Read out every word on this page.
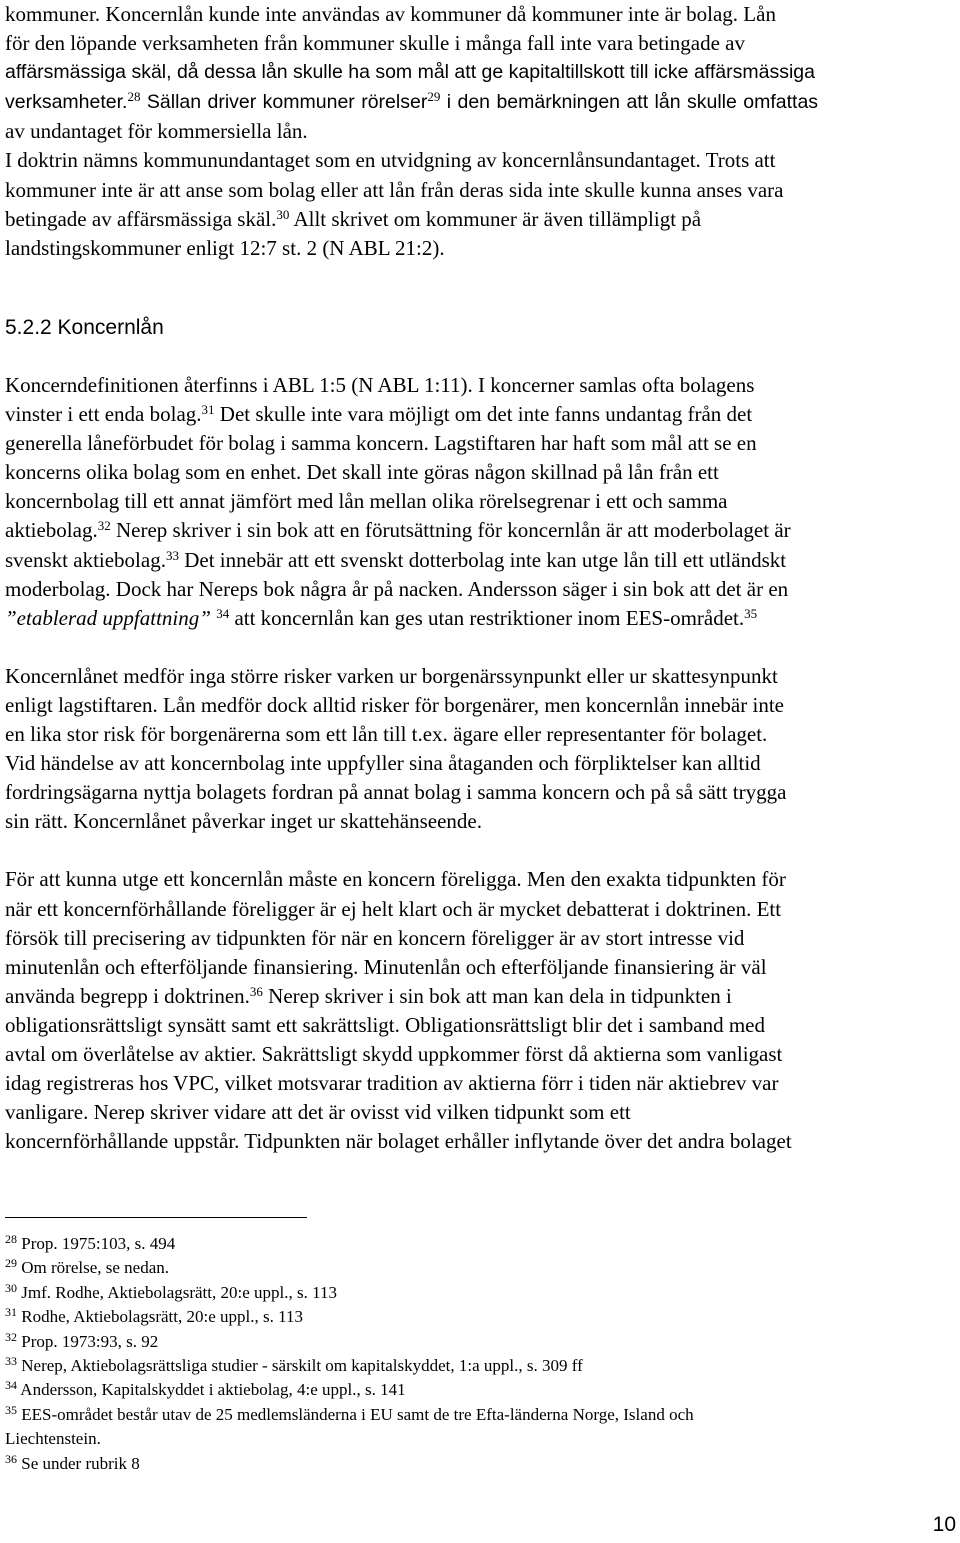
kommuner. Koncernlån kunde inte användas av kommuner då kommuner inte är bolag. Lån
för den löpande verksamheten från kommuner skulle i många fall inte vara betingade av
affärsmässiga skäl, då dessa lån skulle ha som mål att ge kapitaltillskott till icke affärsmässiga
verksamheter.$^{28}$ Sällan driver kommuner rörelser$^{29}$ i den bemärkningen att lån skulle omfattas
av undantaget för kommersiella lån.
I doktrin nämns kommunundantaget som en utvidgning av koncernlånsundantaget. Trots att
kommuner inte är att anse som bolag eller att lån från deras sida inte skulle kunna anses vara
betingade av affärsmässiga skäl.$^{30}$ Allt skrivet om kommuner är även tillämpligt på
landstingskommuner enligt 12:7 st. 2 (N ABL 21:2).
5.2.2 Koncernlån
Koncerndefinitionen återfinns i ABL 1:5 (N ABL 1:11). I koncerner samlas ofta bolagens
vinster i ett enda bolag.$^{31}$ Det skulle inte vara möjligt om det inte fanns undantag från det
generella låneförbudet för bolag i samma koncern. Lagstiftaren har haft som mål att se en
koncerns olika bolag som en enhet. Det skall inte göras någon skillnad på lån från ett
koncernbolag till ett annat jämfört med lån mellan olika rörelsegrenar i ett och samma
aktiebolag.$^{32}$ Nerep skriver i sin bok att en förutsättning för koncernlån är att moderbolaget är
svenskt aktiebolag.$^{33}$ Det innebär att ett svenskt dotterbolag inte kan utge lån till ett utländskt
moderbolag. Dock har Nereps bok några år på nacken. Andersson säger i sin bok att det är en
”etablerad uppfattning” $^{34}$ att koncernlån kan ges utan restriktioner inom EES-området.$^{35}$
Koncernlånet medför inga större risker varken ur borgenärssynpunkt eller ur skattesynpunkt
enligt lagstiftaren. Lån medför dock alltid risker för borgenärer, men koncernlån innebär inte
en lika stor risk för borgenärerna som ett lån till t.ex. ägare eller representanter för bolaget.
Vid händelse av att koncernbolag inte uppfyller sina åtaganden och förpliktelser kan alltid
fordringsägarna nyttja bolagets fordran på annat bolag i samma koncern och på så sätt trygga
sin rätt. Koncernlånet påverkar inget ur skattehänseende.
För att kunna utge ett koncernlån måste en koncern föreligga. Men den exakta tidpunkten för
när ett koncernförhållande föreligger är ej helt klart och är mycket debatterat i doktrinen. Ett
försök till precisering av tidpunkten för när en koncern föreligger är av stort intresse vid
minutenlån och efterföljande finansiering. Minutenlån och efterföljande finansiering är väl
använda begrepp i doktrinen.$^{36}$ Nerep skriver i sin bok att man kan dela in tidpunkten i
obligationsrättsligt synsätt samt ett sakrättsligt. Obligationsrättsligt blir det i samband med
avtal om överlåtelse av aktier. Sakrättsligt skydd uppkommer först då aktierna som vanligast
idag registreras hos VPC, vilket motsvarar tradition av aktierna förr i tiden när aktiebrev var
vanligare. Nerep skriver vidare att det är ovisst vid vilken tidpunkt som ett
koncernförhållande uppstår. Tidpunkten när bolaget erhåller inflytande över det andra bolaget
$^{28}$ Prop. 1975:103, s. 494
$^{29}$ Om rörelse, se nedan.
$^{30}$ Jmf. Rodhe, Aktiebolagsrätt, 20:e uppl., s. 113
$^{31}$ Rodhe, Aktiebolagsrätt, 20:e uppl., s. 113
$^{32}$ Prop. 1973:93, s. 92
$^{33}$ Nerep, Aktiebolagsrättsliga studier - särskilt om kapitalskyddet, 1:a uppl., s. 309 ff
$^{34}$ Andersson, Kapitalskyddet i aktiebolag, 4:e uppl., s. 141
$^{35}$ EES-området består utav de 25 medlemsländerna i EU samt de tre Efta-länderna Norge, Island och
Liechtenstein.
$^{36}$ Se under rubrik 8
10
